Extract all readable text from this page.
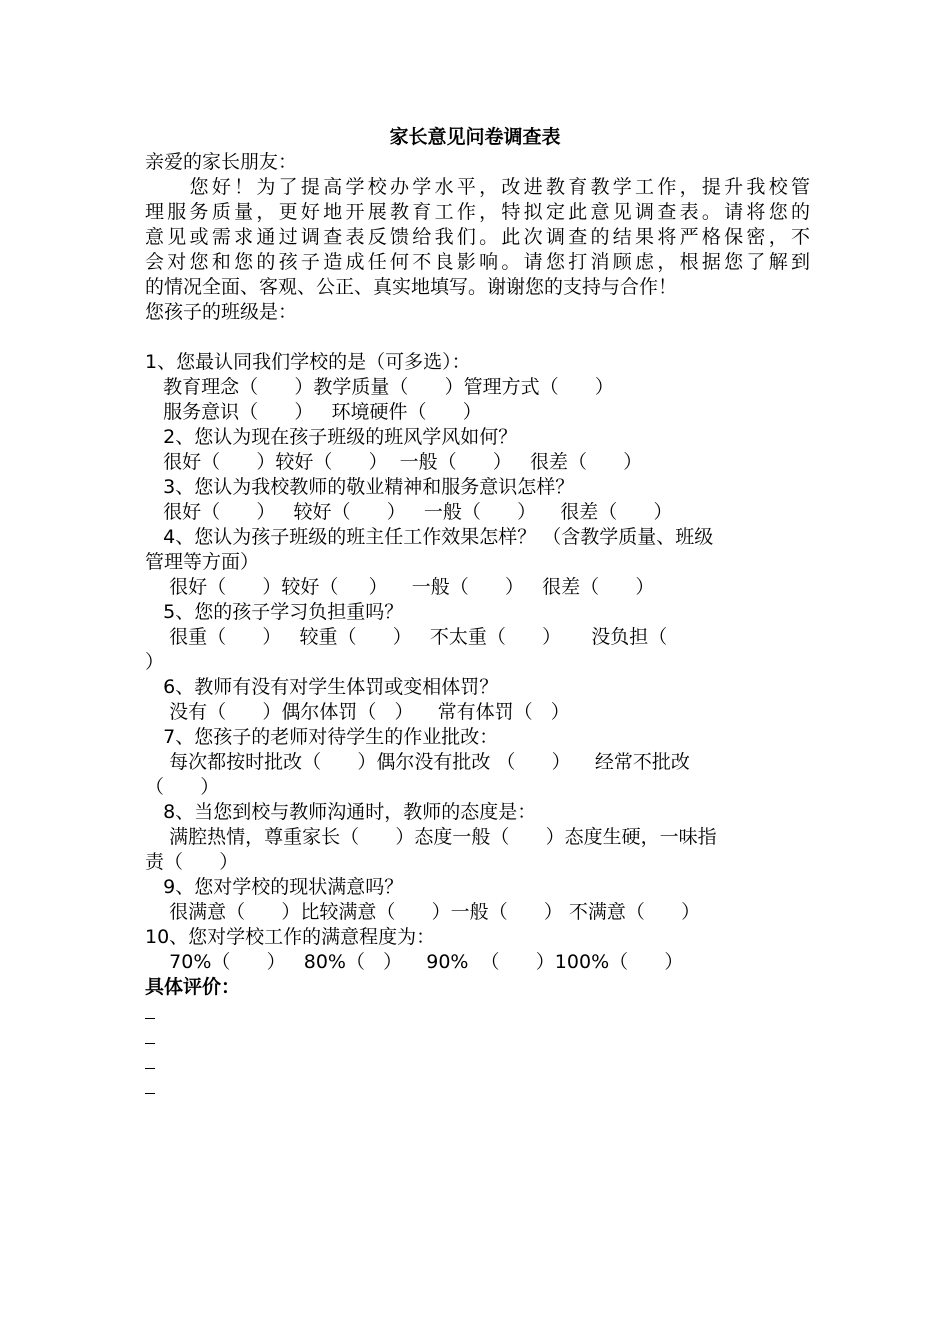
家长意见问卷调查表
亲爱的家长朋友：
　　您好！为了提高学校办学水平，改进教育教学工作，提升我校管
理服务质量，更好地开展教育工作，特拟定此意见调查表。请将您的
意见或需求通过调查表反馈给我们。此次调查的结果将严格保密，不
会对您和您的孩子造成任何不良影响。请您打消顾虑，根据您了解到
的情况全面、客观、公正、真实地填写。谢谢您的支持与合作！
您孩子的班级是：
1、您最认同我们学校的是（可多选）：
教育理念（      ）教学质量（      ）管理方式（      ）
服务意识（      ）   环境硬件（      ）
2、您认为现在孩子班级的班风学风如何？
很好（      ）较好（      ）  一般（      ）   很差（      ）
3、您认为我校教师的敬业精神和服务意识怎样？
很好（      ）   较好（      ）   一般（      ）    很差（      ）
4、您认为孩子班级的班主任工作效果怎样？ （含教学质量、班级
管理等方面）
很好（      ）较好（     ）    一般（      ）   很差（      ）
5、您的孩子学习负担重吗？
很重（      ）   较重（      ）   不太重（      ）     没负担（
）
6、教师有没有对学生体罚或变相体罚？
没有（      ）偶尔体罚（   ）    常有体罚（   ）
7、您孩子的老师对待学生的作业批改：
每次都按时批改（      ）偶尔没有批改 （      ）    经常不批改
（      ）
8、当您到校与教师沟通时，教师的态度是：
满腔热情，尊重家长（      ）态度一般（      ）态度生硬，一味指
责（      ）
9、您对学校的现状满意吗？
很满意（      ）比较满意（      ）一般（      ） 不满意（      ）
10、您对学校工作的满意程度为：
70%（      ）   80%（   ）    90%  （      ）100%（      ）
具体评价：
